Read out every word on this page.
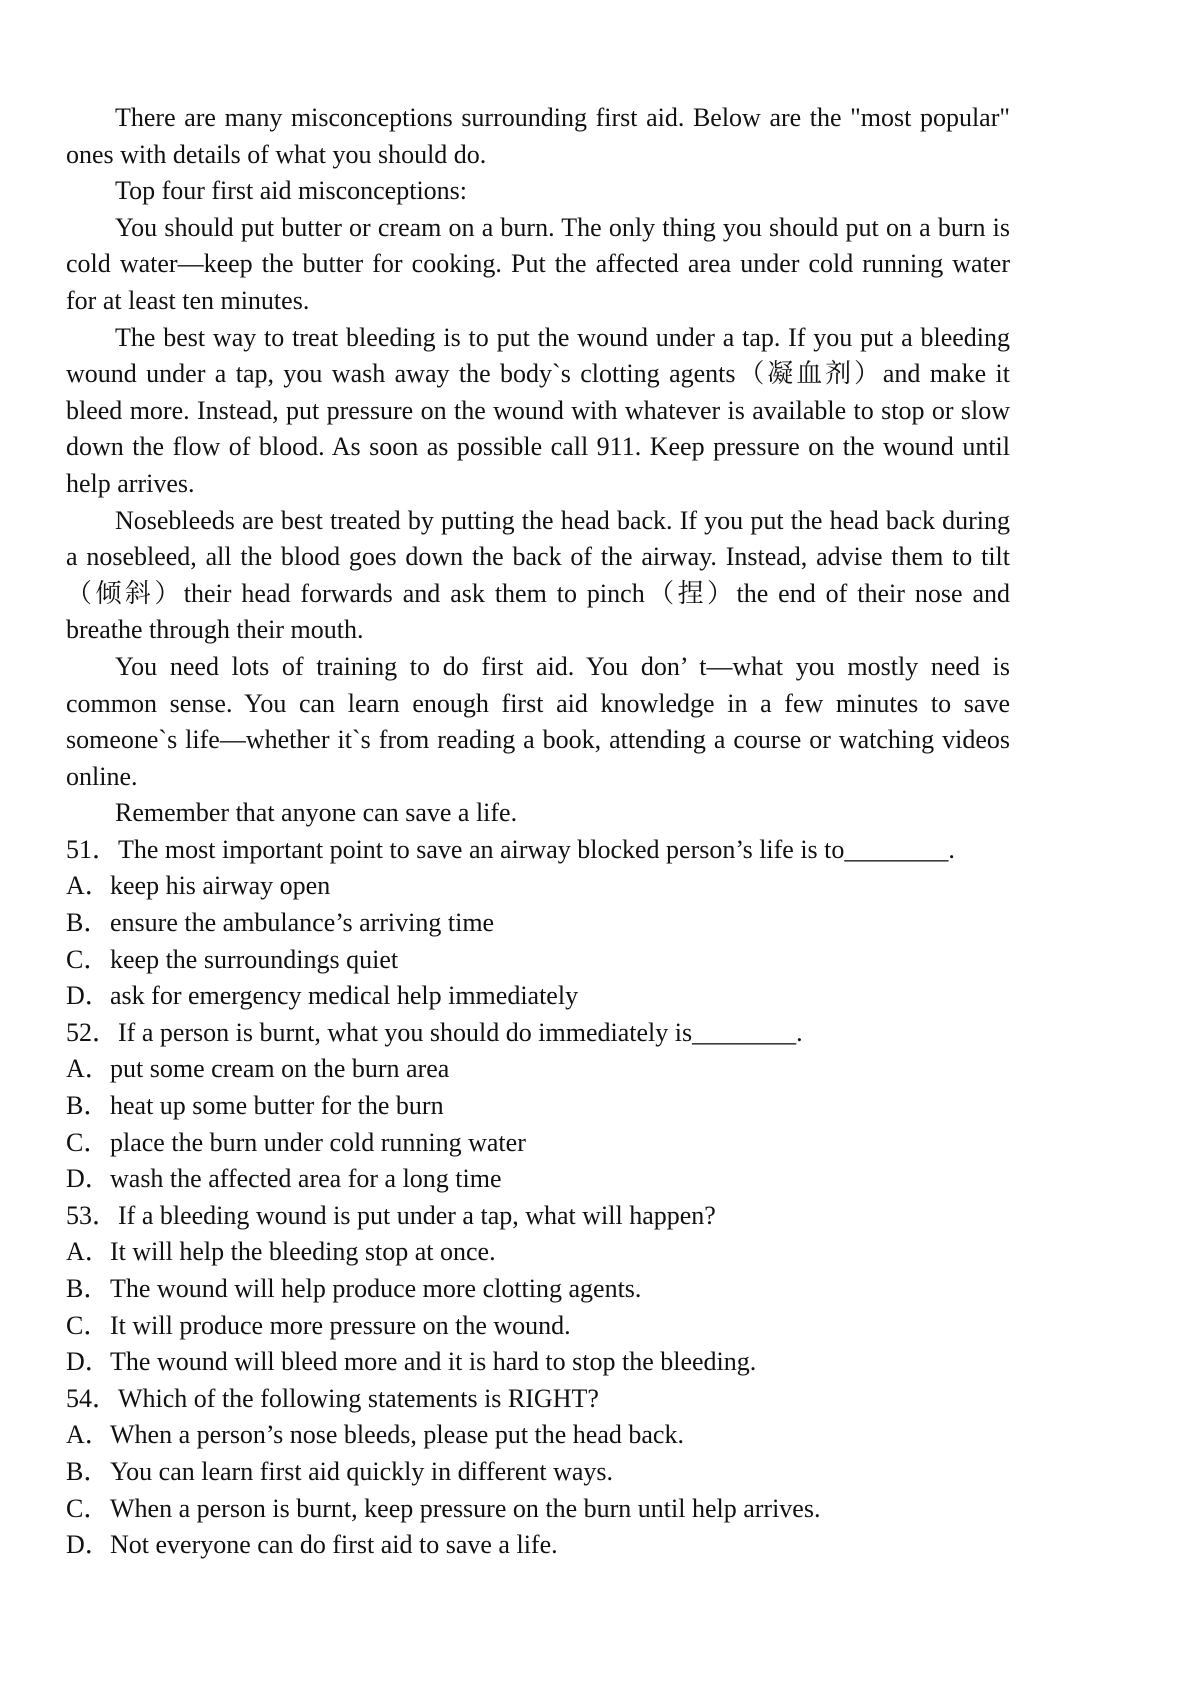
There are many misconceptions surrounding first aid. Below are the "most popular" ones with details of what you should do.

Top four first aid misconceptions:

You should put butter or cream on a burn. The only thing you should put on a burn is cold water—keep the butter for cooking. Put the affected area under cold running water for at least ten minutes.

The best way to treat bleeding is to put the wound under a tap. If you put a bleeding wound under a tap, you wash away the body`s clotting agents（凝血剂）and make it bleed more. Instead, put pressure on the wound with whatever is available to stop or slow down the flow of blood. As soon as possible call 911. Keep pressure on the wound until help arrives.

Nosebleeds are best treated by putting the head back. If you put the head back during a nosebleed, all the blood goes down the back of the airway. Instead, advise them to tilt（倾斜）their head forwards and ask them to pinch（捏）the end of their nose and breathe through their mouth.

You need lots of training to do first aid. You don’ t—what you mostly need is common sense. You can learn enough first aid knowledge in a few minutes to save someone`s life—whether it`s from reading a book, attending a course or watching videos online.

Remember that anyone can save a life.

51．The most important point to save an airway blocked person’s life is to________.

A．keep his airway open

B．ensure the ambulance’s arriving time

C．keep the surroundings quiet

D．ask for emergency medical help immediately

52．If a person is burnt, what you should do immediately is________.

A．put some cream on the burn area

B．heat up some butter for the burn

C．place the burn under cold running water

D．wash the affected area for a long time

53．If a bleeding wound is put under a tap, what will happen?

A．It will help the bleeding stop at once.

B．The wound will help produce more clotting agents.

C．It will produce more pressure on the wound.

D．The wound will bleed more and it is hard to stop the bleeding.

54．Which of the following statements is RIGHT?

A．When a person’s nose bleeds, please put the head back.

B．You can learn first aid quickly in different ways.

C．When a person is burnt, keep pressure on the burn until help arrives.

D．Not everyone can do first aid to save a life.
